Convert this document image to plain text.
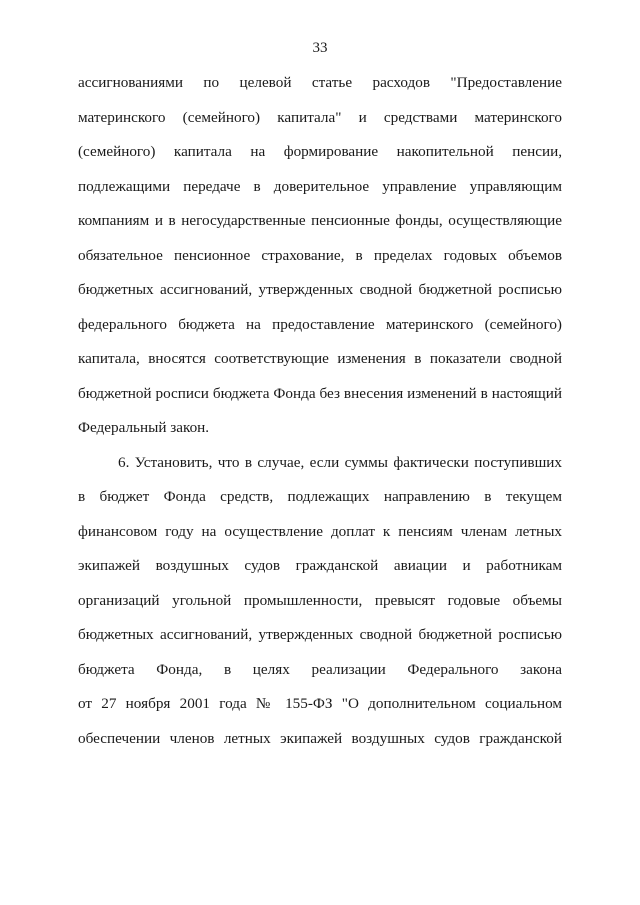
33

ассигнованиями по целевой статье расходов "Предоставление

материнского (семейного) капитала" и средствами материнского

(семейного) капитала на формирование накопительной пенсии,

подлежащими передаче в доверительное управление управляющим

компаниям и в негосударственные пенсионные фонды, осуществляющие

обязательное пенсионное страхование, в пределах годовых объемов

бюджетных ассигнований, утвержденных сводной бюджетной росписью

федерального бюджета на предоставление материнского (семейного)

капитала, вносятся соответствующие изменения в показатели сводной

бюджетной росписи бюджета Фонда без внесения изменений в настоящий

Федеральный закон.

6. Установить, что в случае, если суммы фактически поступивших

в бюджет Фонда средств, подлежащих направлению в текущем

финансовом году на осуществление доплат к пенсиям членам летных

экипажей воздушных судов гражданской авиации и работникам

организаций угольной промышленности, превысят годовые объемы

бюджетных ассигнований, утвержденных сводной бюджетной росписью

бюджета Фонда, в целях реализации Федерального закона

от 27 ноября 2001 года № 155-ФЗ "О дополнительном социальном

обеспечении членов летных экипажей воздушных судов гражданской
